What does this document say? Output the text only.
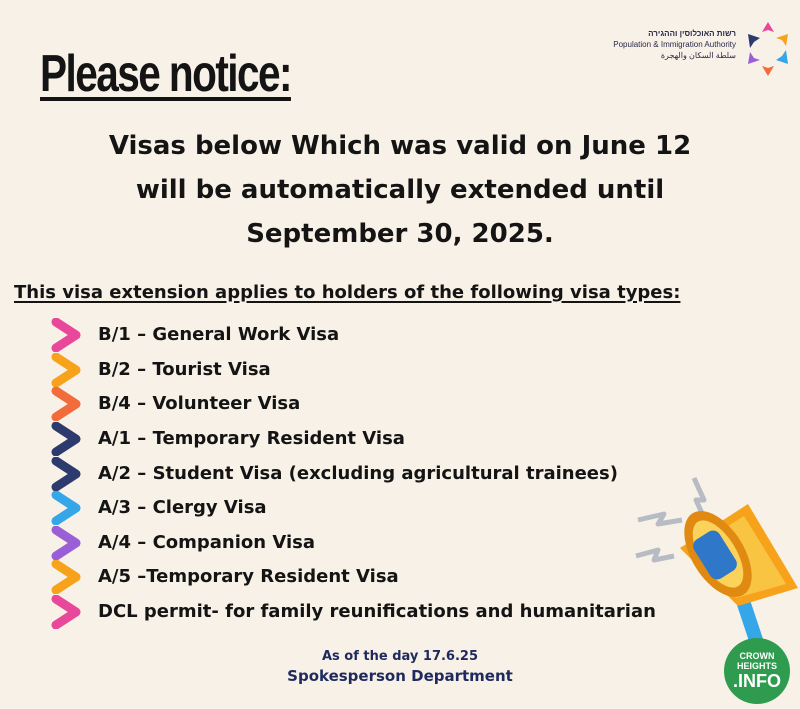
רשות האוכלוסין וההגירה
Population & Immigration Authority
سلطة السكان والهجرة
Please notice:
Visas below Which was valid on June 12
will be automatically extended until
September 30, 2025.
This visa extension applies to holders of the following visa types:
B/1 – General Work Visa
B/2 – Tourist Visa
B/4 – Volunteer Visa
A/1 – Temporary Resident Visa
A/2 – Student Visa (excluding agricultural trainees)
A/3 – Clergy Visa
A/4 – Companion Visa
A/5 –Temporary Resident Visa
DCL permit- for family reunifications and humanitarian
As of the day 17.6.25
Spokesperson Department
CROWN
HEIGHTS
.INFO
